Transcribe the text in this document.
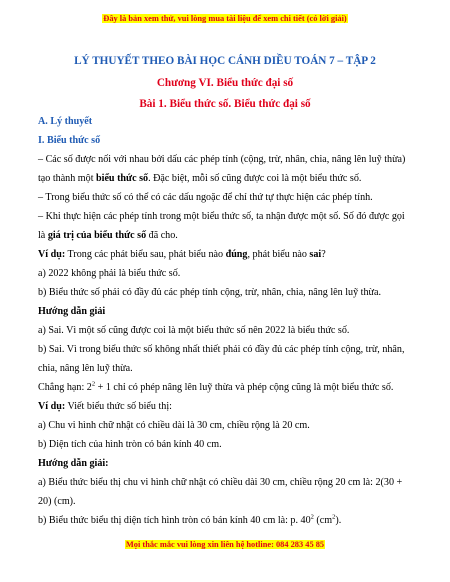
Đây là bản xem thử, vui lòng mua tài liệu để xem chi tiết (có lời giải)
LÝ THUYẾT THEO BÀI HỌC CÁNH DIỀU TOÁN 7 – TẬP 2
Chương VI. Biểu thức đại số
Bài 1. Biểu thức số. Biểu thức đại số

A. Lý thuyết

I. Biểu thức số

– Các số được nối với nhau bởi dấu các phép tính (cộng, trừ, nhân, chia, nâng lên luỹ thừa) tạo thành một biểu thức số. Đặc biệt, mỗi số cũng được coi là một biểu thức số.

– Trong biểu thức số có thể có các dấu ngoặc để chỉ thứ tự thực hiện các phép tính.

– Khi thực hiện các phép tính trong một biểu thức số, ta nhận được một số. Số đó được gọi là giá trị của biểu thức số đã cho.

Ví dụ: Trong các phát biểu sau, phát biểu nào đúng, phát biểu nào sai?

a) 2022 không phải là biểu thức số.

b) Biểu thức số phải có đầy đủ các phép tính cộng, trừ, nhân, chia, nâng lên luỹ thừa.

Hướng dẫn giải

a) Sai. Vì một số cũng được coi là một biểu thức số nên 2022 là biểu thức số.

b) Sai. Vì trong biểu thức số không nhất thiết phải có đầy đủ các phép tính cộng, trừ, nhân, chia, nâng lên luỹ thừa.

Chẳng hạn: $2^2 + 1$ chỉ có phép nâng lên luỹ thừa và phép cộng cũng là một biểu thức số.

Ví dụ: Viết biểu thức số biểu thị:

a) Chu vi hình chữ nhật có chiều dài là 30 cm, chiều rộng là 20 cm.

b) Diện tích của hình tròn có bán kính 40 cm.

Hướng dẫn giải:

a) Biểu thức biểu thị chu vi hình chữ nhật có chiều dài 30 cm, chiều rộng 20 cm là: 2(30 + 20) (cm).

b) Biểu thức biểu thị diện tích hình tròn có bán kính 40 cm là: p. $40^2$ $(cm^2)$.

Mọi thắc mắc vui lòng xin liên hệ hotline: 084 283 45 85
